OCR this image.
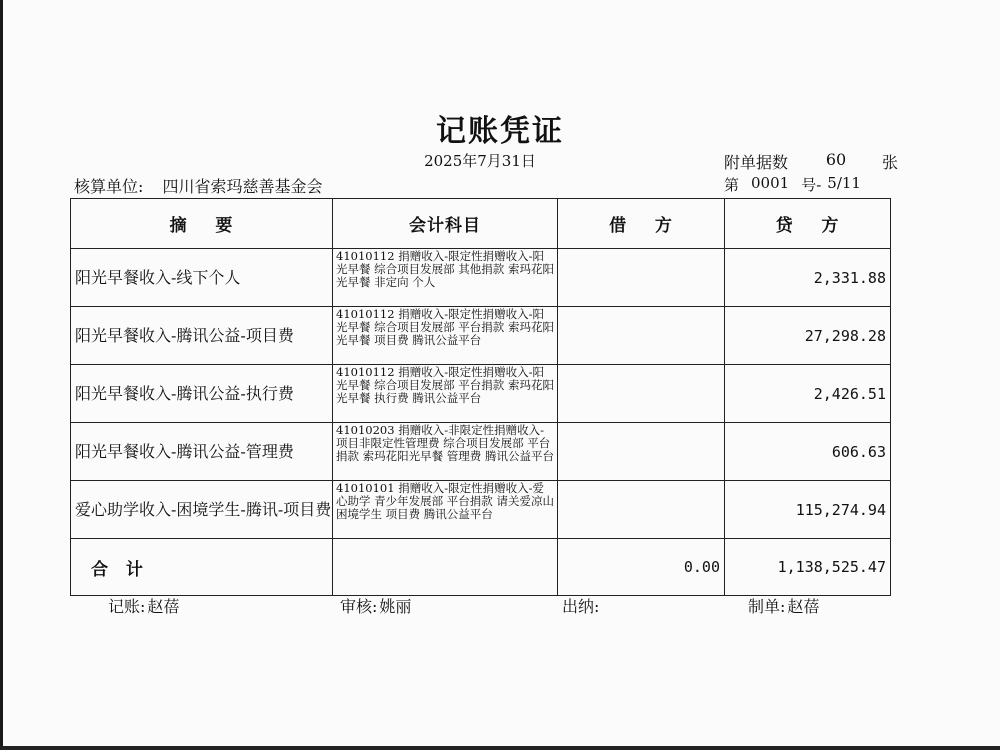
记账凭证
2025年7月31日	附单据数	60	张
核算单位: 四川省索玛慈善基金会	第 0001 号- 5/11
摘    要	会计科目	借    方	贷    方
阳光早餐收入-线下个人	41010112 捐赠收入-限定性捐赠收入-阳光早餐 综合项目发展部 其他捐款 索玛花阳光早餐 非定向 个人		2,331.88
阳光早餐收入-腾讯公益-项目费	41010112 捐赠收入-限定性捐赠收入-阳光早餐 综合项目发展部 平台捐款 索玛花阳光早餐 项目费 腾讯公益平台		27,298.28
阳光早餐收入-腾讯公益-执行费	41010112 捐赠收入-限定性捐赠收入-阳光早餐 综合项目发展部 平台捐款 索玛花阳光早餐 执行费 腾讯公益平台		2,426.51
阳光早餐收入-腾讯公益-管理费	41010203 捐赠收入-非限定性捐赠收入-项目非限定性管理费 综合项目发展部 平台捐款 索玛花阳光早餐 管理费 腾讯公益平台		606.63
爱心助学收入-困境学生-腾讯-项目费	41010101 捐赠收入-限定性捐赠收入-爱心助学 青少年发展部 平台捐款 请关爱凉山困境学生 项目费 腾讯公益平台		115,274.94
合  计		0.00	1,138,525.47
记账: 赵蓓	审核: 姚丽	出纳:	制单: 赵蓓
